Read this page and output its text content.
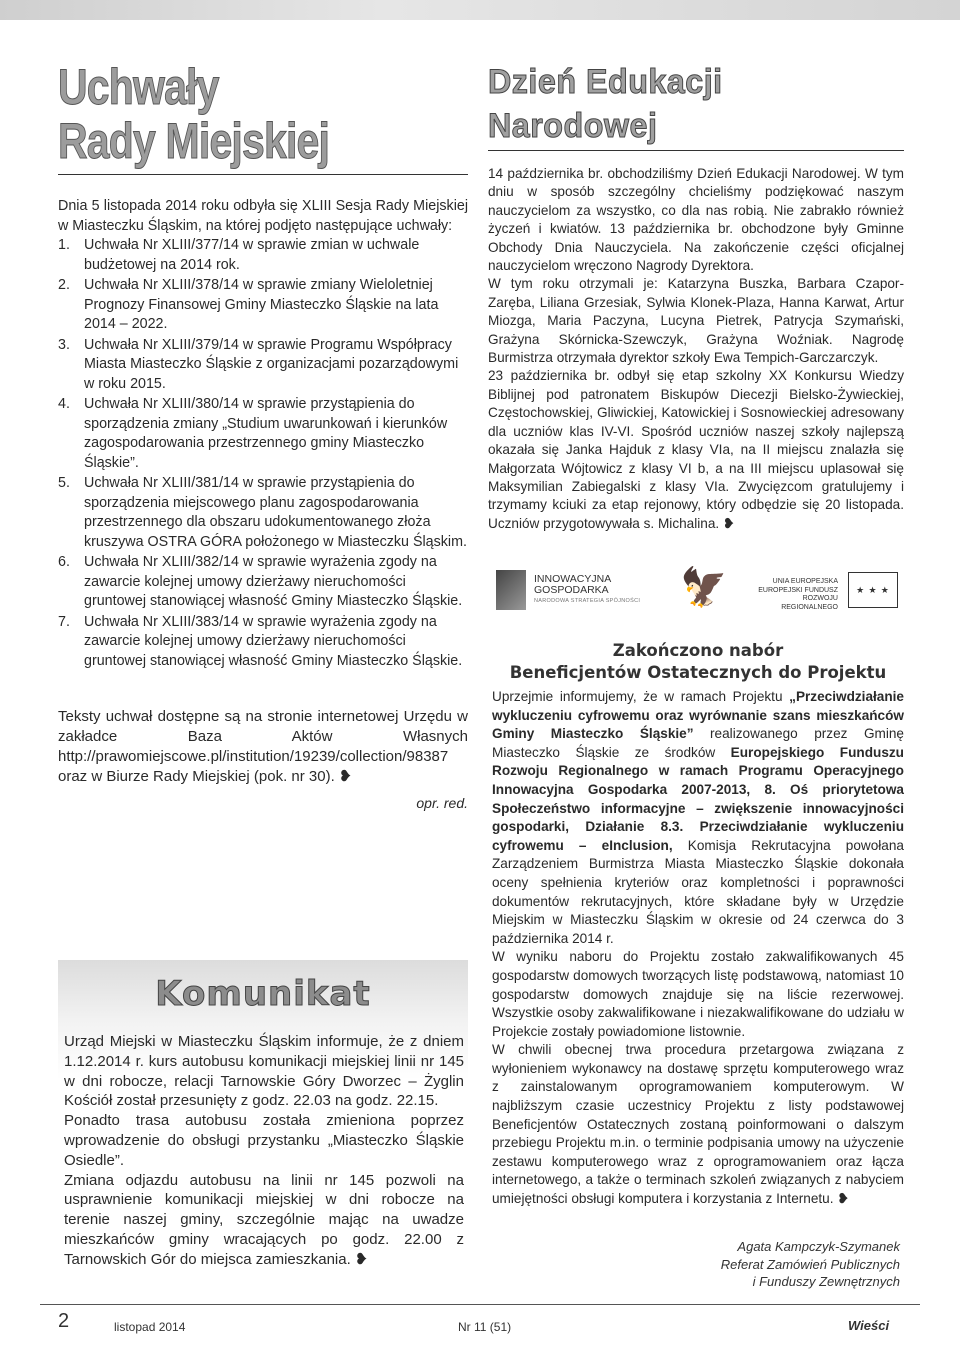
Uchwały
Rady Miejskiej

Dnia 5 listopada 2014 roku odbyła się XLIII Sesja Rady Miejskiej w Miasteczku Śląskim, na której podjęto następujące uchwały:

1. Uchwała Nr XLIII/377/14 w sprawie zmian w uchwale budżetowej na 2014 rok.
2. Uchwała Nr XLIII/378/14 w sprawie zmiany Wieloletniej Prognozy Finansowej Gminy Miasteczko Śląskie na lata 2014 – 2022.
3. Uchwała Nr XLIII/379/14 w sprawie Programu Współpracy Miasta Miasteczko Śląskie z organizacjami pozarządowymi w roku 2015.
4. Uchwała Nr XLIII/380/14 w sprawie przystąpienia do sporządzenia zmiany „Studium uwarunkowań i kierunków zagospodarowania przestrzennego gminy Miasteczko Śląskie”.
5. Uchwała Nr XLIII/381/14 w sprawie przystąpienia do sporządzenia miejscowego planu zagospodarowania przestrzennego dla obszaru udokumentowanego złoża kruszywa OSTRA GÓRA położonego w Miasteczku Śląskim.
6. Uchwała Nr XLIII/382/14 w sprawie wyrażenia zgody na zawarcie kolejnej umowy dzierżawy nieruchomości gruntowej stanowiącej własność Gminy Miasteczko Śląskie.
7. Uchwała Nr XLIII/383/14 w sprawie wyrażenia zgody na zawarcie kolejnej umowy dzierżawy nieruchomości gruntowej stanowiącej własność Gminy Miasteczko Śląskie.

Teksty uchwał dostępne są na stronie internetowej Urzędu w zakładce Baza Aktów Własnych http://prawomiejscowe.pl/institution/19239/collection/98387 oraz w Biurze Rady Miejskiej (pok. nr 30). ❥

opr. red.
Komunikat

Urząd Miejski w Miasteczku Śląskim informuje, że z dniem 1.12.2014 r. kurs autobusu komunikacji miejskiej linii nr 145 w dni robocze, relacji Tarnowskie Góry Dworzec – Żyglin Kościół został przesunięty z godz. 22.03 na godz. 22.15.

Ponadto trasa autobusu została zmieniona poprzez wprowadzenie do obsługi przystanku „Miasteczko Śląskie Osiedle”.

Zmiana odjazdu autobusu na linii nr 145 pozwoli na usprawnienie komunikacji miejskiej w dni robocze na terenie naszej gminy, szczególnie mając na uwadze mieszkańców gminy wracających po godz. 22.00 z Tarnowskich Gór do miejsca zamieszkania. ❥

Dzień Edukacji Narodowej

14 października br. obchodziliśmy Dzień Edukacji Narodowej. W tym dniu w sposób szczególny chcieliśmy podziękować naszym nauczycielom za wszystko, co dla nas robią. Nie zabrakło również życzeń i kwiatów. 13 października br. obchodzone były Gminne Obchody Dnia Nauczyciela. Na zakończenie części oficjalnej nauczycielom wręczono Nagrody Dyrektora.

W tym roku otrzymali je: Katarzyna Buszka, Barbara Czapor- Zaręba, Liliana Grzesiak, Sylwia Klonek-Plaza, Hanna Karwat, Artur Miozga, Maria Paczyna, Lucyna Pietrek, Patrycja Szymański, Grażyna Skórnicka-Szewczyk, Grażyna Woźniak. Nagrodę Burmistrza otrzymała dyrektor szkoły Ewa Tempich-Garczarczyk.

23 października br. odbył się etap szkolny XX Konkursu Wiedzy Biblijnej pod patronatem Biskupów Diecezji Bielsko-Żywieckiej, Częstochowskiej, Gliwickiej, Katowickiej i Sosnowieckiej adresowany dla uczniów klas IV-VI. Spośród uczniów naszej szkoły najlepszą okazała się Janka Hajduk z klasy VIa, na II miejscu znalazła się Małgorzata Wójtowicz z klasy VI b, a na III miejscu uplasował się Maksymilian Zabiegalski z klasy VIa. Zwycięzcom gratulujemy i trzymamy kciuki za etap rejonowy, który odbędzie się 20 listopada. Uczniów przygotowywała s. Michalina. ❥

INNOWACYJNA
GOSPODARKA
NARODOWA STRATEGIA SPÓJNOŚCI 🦅	UNIA EUROPEJSKA
EUROPEJSKI FUNDUSZ
ROZWOJU REGIONALNEGO
★ ★ ★
Zakończono nabór
Beneficjentów Ostatecznych do Projektu

Uprzejmie informujemy, że w ramach Projektu „Przeciwdziałanie wykluczeniu cyfrowemu oraz wyrównanie szans mieszkańców Gminy Miasteczko Śląskie” realizowanego przez Gminę Miasteczko Śląskie ze środków Europejskiego Funduszu Rozwoju Regionalnego w ramach Programu Operacyjnego Innowacyjna Gospodarka 2007-2013, 8. Oś priorytetowa Społeczeństwo informacyjne – zwiększenie innowacyjności gospodarki, Działanie 8.3. Przeciwdziałanie wykluczeniu cyfrowemu – eInclusion, Komisja Rekrutacyjna powołana Zarządzeniem Burmistrza Miasta Miasteczko Śląskie dokonała oceny spełnienia kryteriów oraz kompletności i poprawności dokumentów rekrutacyjnych, które składane były w Urzędzie Miejskim w Miasteczku Śląskim w okresie od 24 czerwca do 3 października 2014 r.

W wyniku naboru do Projektu zostało zakwalifikowanych 45 gospodarstw domowych tworzących listę podstawową, natomiast 10 gospodarstw domowych znajduje się na liście rezerwowej. Wszystkie osoby zakwalifikowane i niezakwalifikowane do udziału w Projekcie zostały powiadomione listownie.

W chwili obecnej trwa procedura przetargowa związana z wyłonieniem wykonawcy na dostawę sprzętu komputerowego wraz z zainstalowanym oprogramowaniem komputerowym. W najbliższym czasie uczestnicy Projektu z listy podstawowej Beneficjentów Ostatecznych zostaną poinformowani o dalszym przebiegu Projektu m.in. o terminie podpisania umowy na użyczenie zestawu komputerowego wraz z oprogramowaniem oraz łącza internetowego, a także o terminach szkoleń związanych z nabyciem umiejętności obsługi komputera i korzystania z Internetu. ❥

Agata Kampczyk-Szymanek
Referat Zamówień Publicznych
i Funduszy Zewnętrznych
2	listopad 2014	Nr 11 (51)	Wieści
